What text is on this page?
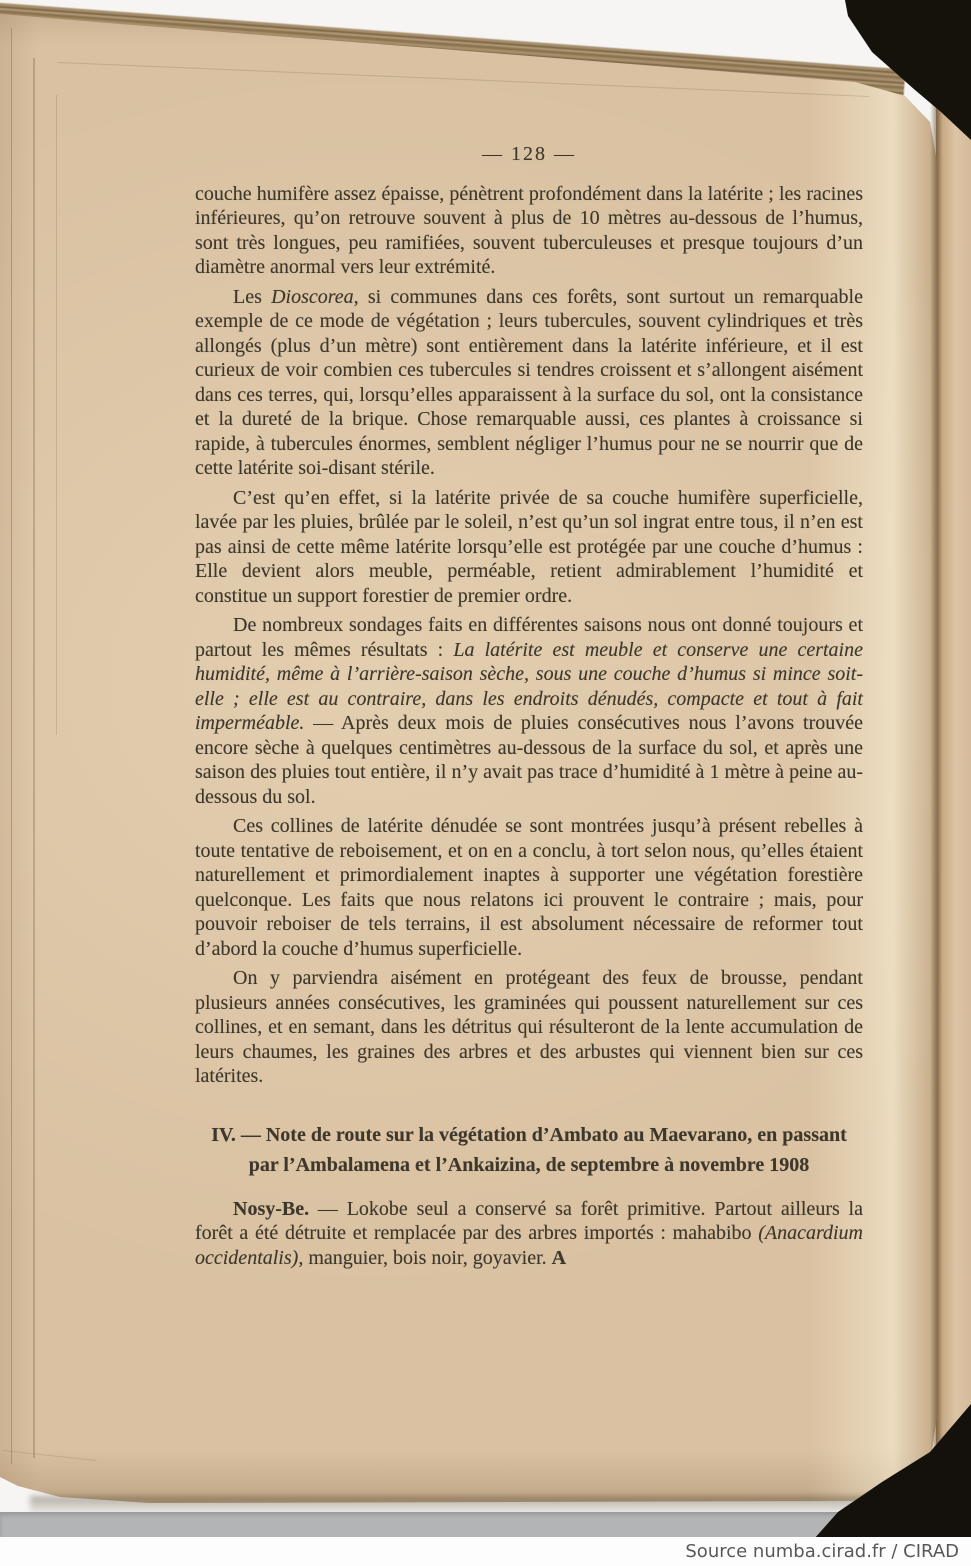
— 128 —

couche humifère assez épaisse, pénètrent profondément dans la latérite ; les racines inférieures, qu’on retrouve souvent à plus de 10 mètres au-dessous de l’humus, sont très longues, peu ramifiées, souvent tuberculeuses et presque toujours d’un diamètre anormal vers leur extrémité.

Les Dioscorea, si communes dans ces forêts, sont surtout un remarquable exemple de ce mode de végétation ; leurs tubercules, souvent cylindriques et très allongés (plus d’un mètre) sont entièrement dans la latérite inférieure, et il est curieux de voir combien ces tubercules si tendres croissent et s’allongent aisément dans ces terres, qui, lorsqu’elles apparaissent à la surface du sol, ont la consistance et la dureté de la brique. Chose remarquable aussi, ces plantes à croissance si rapide, à tubercules énormes, semblent négliger l’humus pour ne se nourrir que de cette latérite soi-disant stérile.

C’est qu’en effet, si la latérite privée de sa couche humifère superficielle, lavée par les pluies, brûlée par le soleil, n’est qu’un sol ingrat entre tous, il n’en est pas ainsi de cette même latérite lorsqu’elle est protégée par une couche d’humus : Elle devient alors meuble, perméable, retient admirablement l’humidité et constitue un support forestier de premier ordre.

De nombreux sondages faits en différentes saisons nous ont donné toujours et partout les mêmes résultats : La latérite est meuble et conserve une certaine humidité, même à l’arrière-saison sèche, sous une couche d’humus si mince soit-elle ; elle est au contraire, dans les endroits dénudés, compacte et tout à fait imperméable. — Après deux mois de pluies consécutives nous l’avons trouvée encore sèche à quelques centimètres au-dessous de la surface du sol, et après une saison des pluies tout entière, il n’y avait pas trace d’humidité à 1 mètre à peine au-dessous du sol.

Ces collines de latérite dénudée se sont montrées jusqu’à présent rebelles à toute tentative de reboisement, et on en a conclu, à tort selon nous, qu’elles étaient naturellement et primordialement inaptes à supporter une végétation forestière quelconque. Les faits que nous relatons ici prouvent le contraire ; mais, pour pouvoir reboiser de tels terrains, il est absolument nécessaire de reformer tout d’abord la couche d’humus superficielle.

On y parviendra aisément en protégeant des feux de brousse, pendant plusieurs années consécutives, les graminées qui poussent naturellement sur ces collines, et en semant, dans les détritus qui résulteront de la lente accumulation de leurs chaumes, les graines des arbres et des arbustes qui viennent bien sur ces latérites.

IV. — Note de route sur la végétation d’Ambato au Maevarano, en passant
par l’Ambalamena et l’Ankaizina, de septembre à novembre 1908

Nosy-Be. — Lokobe seul a conservé sa forêt primitive. Partout ailleurs la forêt a été détruite et remplacée par des arbres importés : mahabibo (Anacardium occidentalis), manguier, bois noir, goyavier. A

Source numba.cirad.fr / CIRAD
